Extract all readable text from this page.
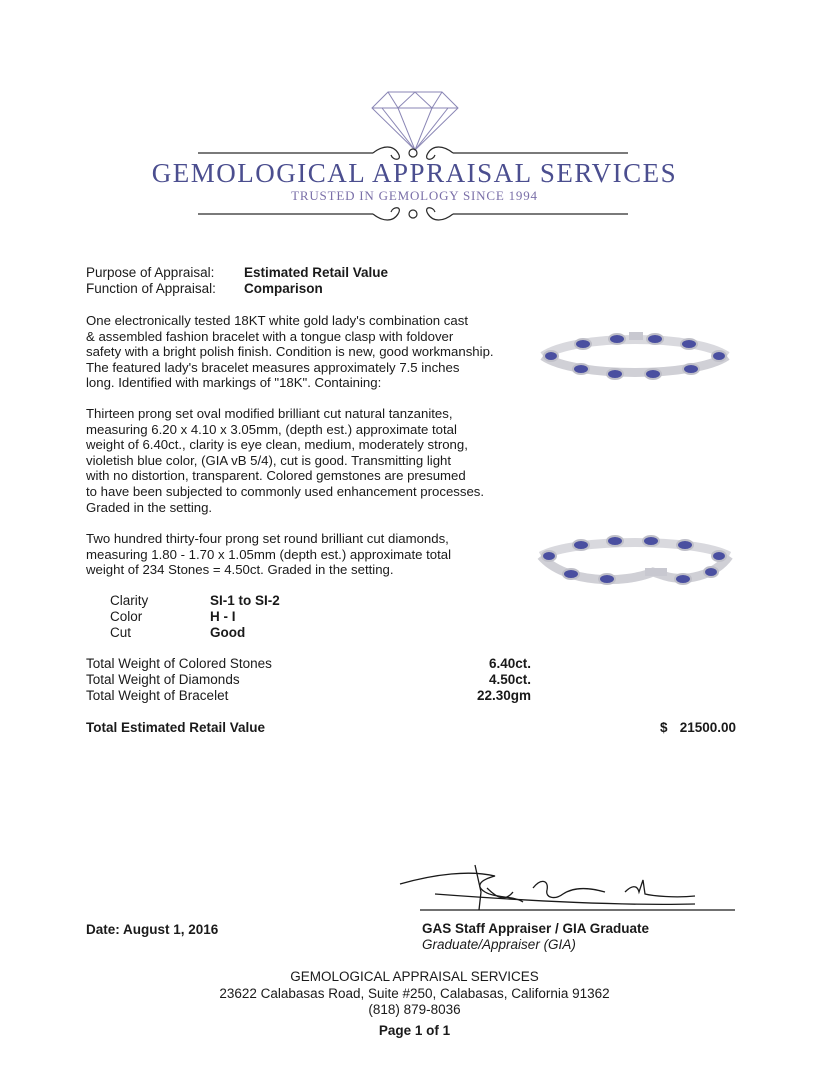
GEMOLOGICAL APPRAISAL SERVICES
TRUSTED IN GEMOLOGY SINCE 1994
Purpose of Appraisal: Estimated Retail Value
Function of Appraisal: Comparison
One electronically tested 18KT white gold lady's combination cast
& assembled fashion bracelet with a tongue clasp with foldover
safety with a bright polish finish. Condition is new, good workmanship.
The featured lady's bracelet measures approximately 7.5 inches
long. Identified with markings of "18K". Containing:
Thirteen prong set oval modified brilliant cut natural tanzanites,
measuring 6.20 x 4.10 x 3.05mm, (depth est.) approximate total
weight of 6.40ct., clarity is eye clean, medium, moderately strong,
violetish blue color, (GIA vB 5/4), cut is good. Transmitting light
with no distortion, transparent. Colored gemstones are presumed
to have been subjected to commonly used enhancement processes.
Graded in the setting.
Two hundred thirty-four prong set round brilliant cut diamonds,
measuring 1.80 - 1.70 x 1.05mm (depth est.) approximate total
weight of 234 Stones = 4.50ct. Graded in the setting.
Clarity	SI-1 to SI-2
Color	H - I
Cut	Good
Total Weight of Colored Stones	6.40ct.
Total Weight of Diamonds	4.50ct.
Total Weight of Bracelet	22.30gm
Total Estimated Retail Value	$ 21500.00
Date: August 1, 2016	GAS Staff Appraiser / GIA Graduate
Graduate/Appraiser (GIA)
GEMOLOGICAL APPRAISAL SERVICES
23622 Calabasas Road, Suite #250, Calabasas, California 91362
(818) 879-8036
Page 1 of 1
